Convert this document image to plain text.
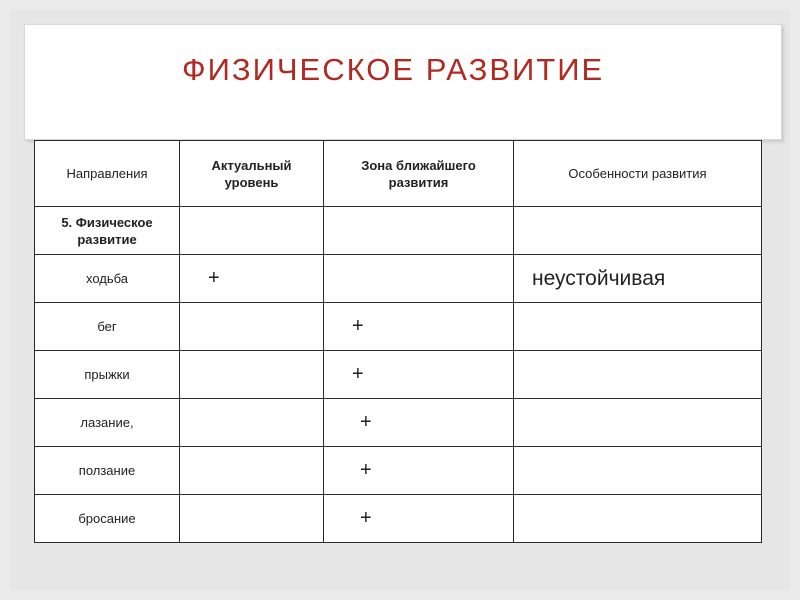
ФИЗИЧЕСКОЕ РАЗВИТИЕ
Направления	Актуальный уровень	Зона ближайшего развития	Особенности развития
5. Физическое развитие			
ходьба	+		неустойчивая
бег		+	
прыжки		+	
лазание,		+	
ползание		+	
бросание		+	
